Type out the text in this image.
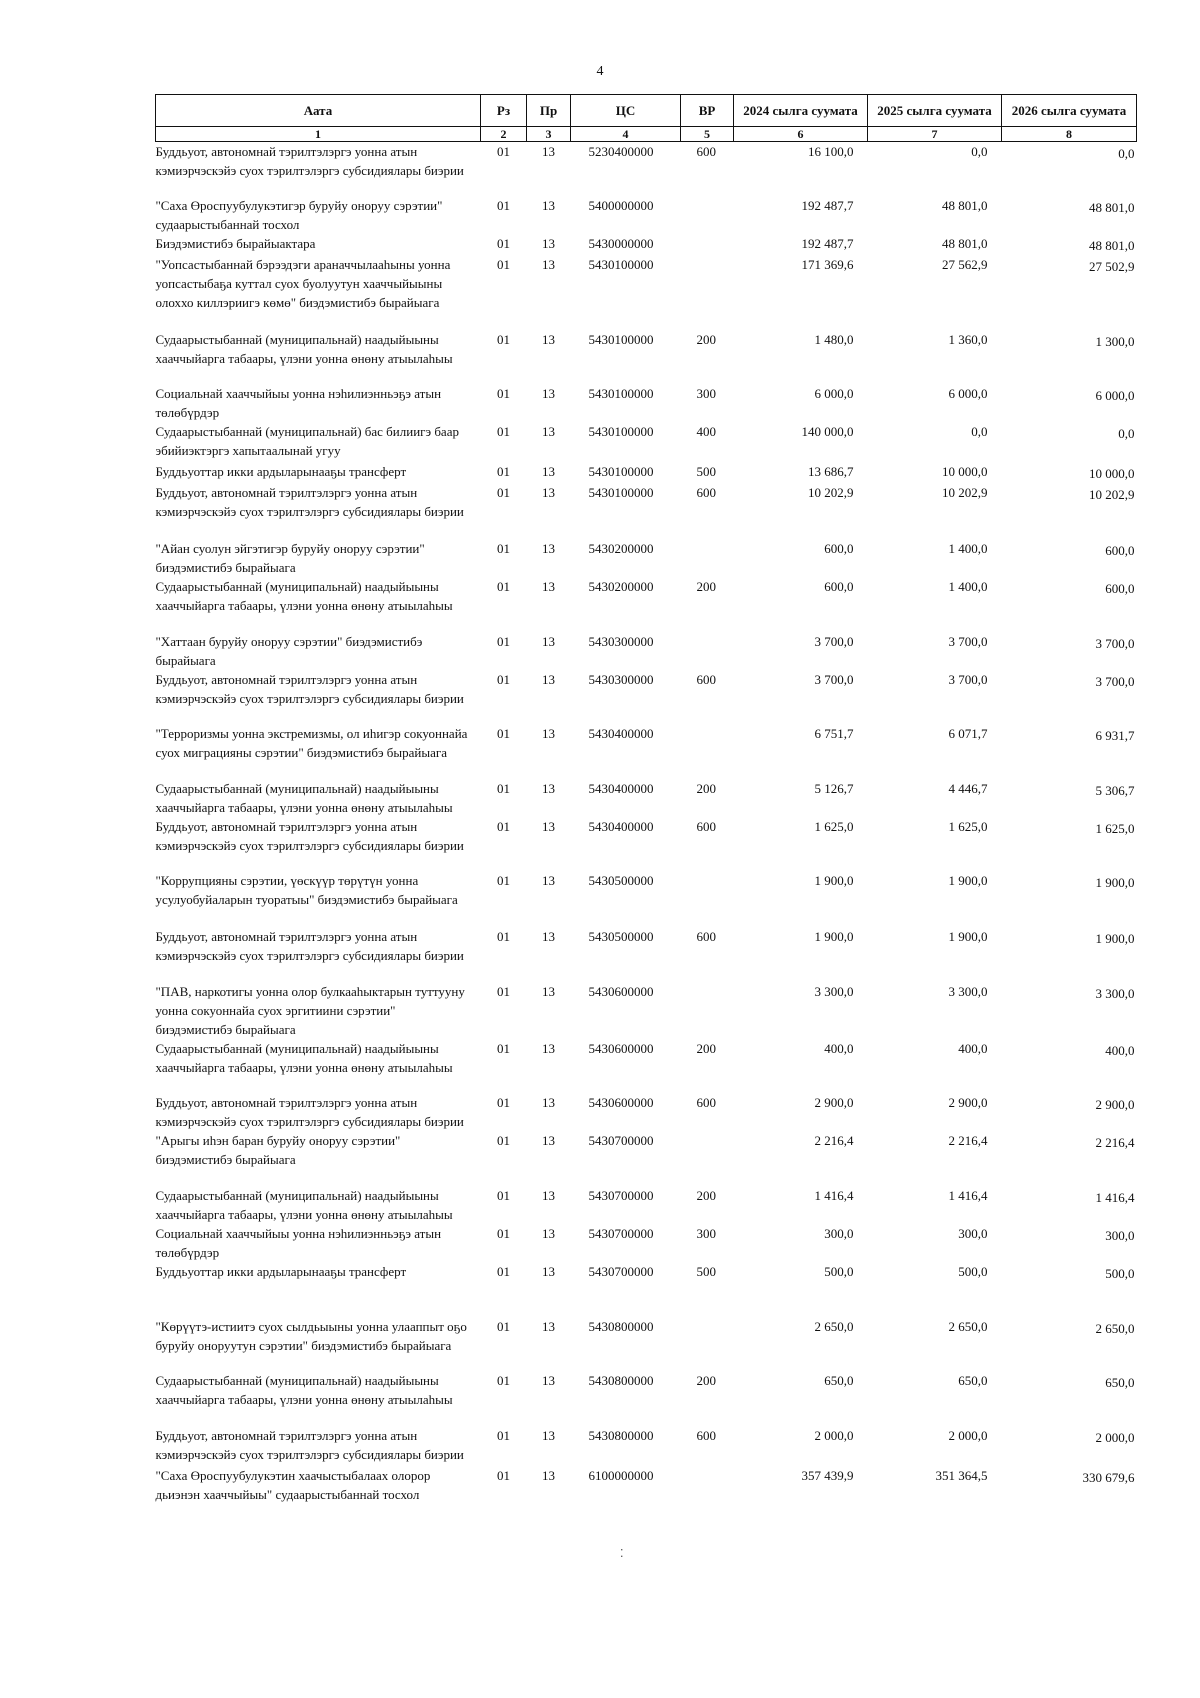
4
Аата	Рз	Пр	ЦС	ВР	2024 сылга суумата	2025 сылга суумата	2026 сылга суумата
1	2	3	4	5	6	7	8
Буддьуот, автономнай тэрилтэлэргэ уонна атын кэмиэрчэскэйэ суох тэрилтэлэргэ субсидиялары биэрии	01	13	5230400000	600	16 100,0	0,0	0,0
"Саха Өроспуубулукэтигэр буруйу оноруу сэрэтии" судаарыстыбаннай тосхол	01	13	5400000000		192 487,7	48 801,0	48 801,0
Биэдэмистибэ бырайыактара	01	13	5430000000		192 487,7	48 801,0	48 801,0
"Уопсастыбаннай бэрээдэги араначчылааһыны уонна уопсастыбаҕа куттал суох буолуутун хааччыйыыны олоххо киллэриигэ көмө" биэдэмистибэ бырайыага	01	13	5430100000		171 369,6	27 562,9	27 502,9
Судаарыстыбаннай (муниципальнай) наадыйыыны хааччыйарга табаары, үлэни уонна өнөну атыылаһыы	01	13	5430100000	200	1 480,0	1 360,0	1 300,0
Социальнай хааччыйыы уонна нэһилиэнньэҕэ атын төлөбүрдэр	01	13	5430100000	300	6 000,0	6 000,0	6 000,0
Судаарыстыбаннай (муниципальнай) бас билиигэ баар эбийиэктэргэ хапытаалынай угуу	01	13	5430100000	400	140 000,0	0,0	0,0
Буддьуоттар икки ардыларынааҕы трансферт	01	13	5430100000	500	13 686,7	10 000,0	10 000,0
Буддьуот, автономнай тэрилтэлэргэ уонна атын кэмиэрчэскэйэ суох тэрилтэлэргэ субсидиялары биэрии	01	13	5430100000	600	10 202,9	10 202,9	10 202,9
"Айан суолун эйгэтигэр буруйу оноруу сэрэтии" биэдэмистибэ бырайыага	01	13	5430200000		600,0	1 400,0	600,0
Судаарыстыбаннай (муниципальнай) наадыйыыны хааччыйарга табаары, үлэни уонна өнөну атыылаһыы	01	13	5430200000	200	600,0	1 400,0	600,0
"Хаттаан буруйу оноруу сэрэтии" биэдэмистибэ бырайыага	01	13	5430300000		3 700,0	3 700,0	3 700,0
Буддьуот, автономнай тэрилтэлэргэ уонна атын кэмиэрчэскэйэ суох тэрилтэлэргэ субсидиялары биэрии	01	13	5430300000	600	3 700,0	3 700,0	3 700,0
"Терроризмы уонна экстремизмы, ол иһигэр сокуоннайа суох миграцияны сэрэтии" биэдэмистибэ бырайыага	01	13	5430400000		6 751,7	6 071,7	6 931,7
Судаарыстыбаннай (муниципальнай) наадыйыыны хааччыйарга табаары, үлэни уонна өнөну атыылаһыы	01	13	5430400000	200	5 126,7	4 446,7	5 306,7
Буддьуот, автономнай тэрилтэлэргэ уонна атын кэмиэрчэскэйэ суох тэрилтэлэргэ субсидиялары биэрии	01	13	5430400000	600	1 625,0	1 625,0	1 625,0
"Коррупцияны сэрэтии, үөскүүр төрүтүн уонна усулуобуйаларын туоратыы" биэдэмистибэ бырайыага	01	13	5430500000		1 900,0	1 900,0	1 900,0
Буддьуот, автономнай тэрилтэлэргэ уонна атын кэмиэрчэскэйэ суох тэрилтэлэргэ субсидиялары биэрии	01	13	5430500000	600	1 900,0	1 900,0	1 900,0
"ПАВ, наркотигы уонна олор булкааһыктарын туттууну уонна сокуоннайа суох эргитиини сэрэтии" биэдэмистибэ бырайыага	01	13	5430600000		3 300,0	3 300,0	3 300,0
Судаарыстыбаннай (муниципальнай) наадыйыыны хааччыйарга табаары, үлэни уонна өнөну атыылаһыы	01	13	5430600000	200	400,0	400,0	400,0
Буддьуот, автономнай тэрилтэлэргэ уонна атын кэмиэрчэскэйэ суох тэрилтэлэргэ субсидиялары биэрии	01	13	5430600000	600	2 900,0	2 900,0	2 900,0
"Арыгы иһэн баран буруйу оноруу сэрэтии" биэдэмистибэ бырайыага	01	13	5430700000		2 216,4	2 216,4	2 216,4
Судаарыстыбаннай (муниципальнай) наадыйыыны хааччыйарга табаары, үлэни уонна өнөну атыылаһыы	01	13	5430700000	200	1 416,4	1 416,4	1 416,4
Социальнай хааччыйыы уонна нэһилиэнньэҕэ атын төлөбүрдэр	01	13	5430700000	300	300,0	300,0	300,0
Буддьуоттар икки ардыларынааҕы трансферт	01	13	5430700000	500	500,0	500,0	500,0
"Көрүүтэ-истиитэ суох сылдьыыны уонна улааппыт оҕо буруйу оноруутун сэрэтии" биэдэмистибэ бырайыага	01	13	5430800000		2 650,0	2 650,0	2 650,0
Судаарыстыбаннай (муниципальнай) наадыйыыны хааччыйарга табаары, үлэни уонна өнөну атыылаһыы	01	13	5430800000	200	650,0	650,0	650,0
Буддьуот, автономнай тэрилтэлэргэ уонна атын кэмиэрчэскэйэ суох тэрилтэлэргэ субсидиялары биэрии	01	13	5430800000	600	2 000,0	2 000,0	2 000,0
"Саха Өроспуубулукэтин хаачыстыбалаах олорор дьиэнэн хааччыйыы" судаарыстыбаннай тосхол	01	13	6100000000		357 439,9	351 364,5	330 679,6
⁚
